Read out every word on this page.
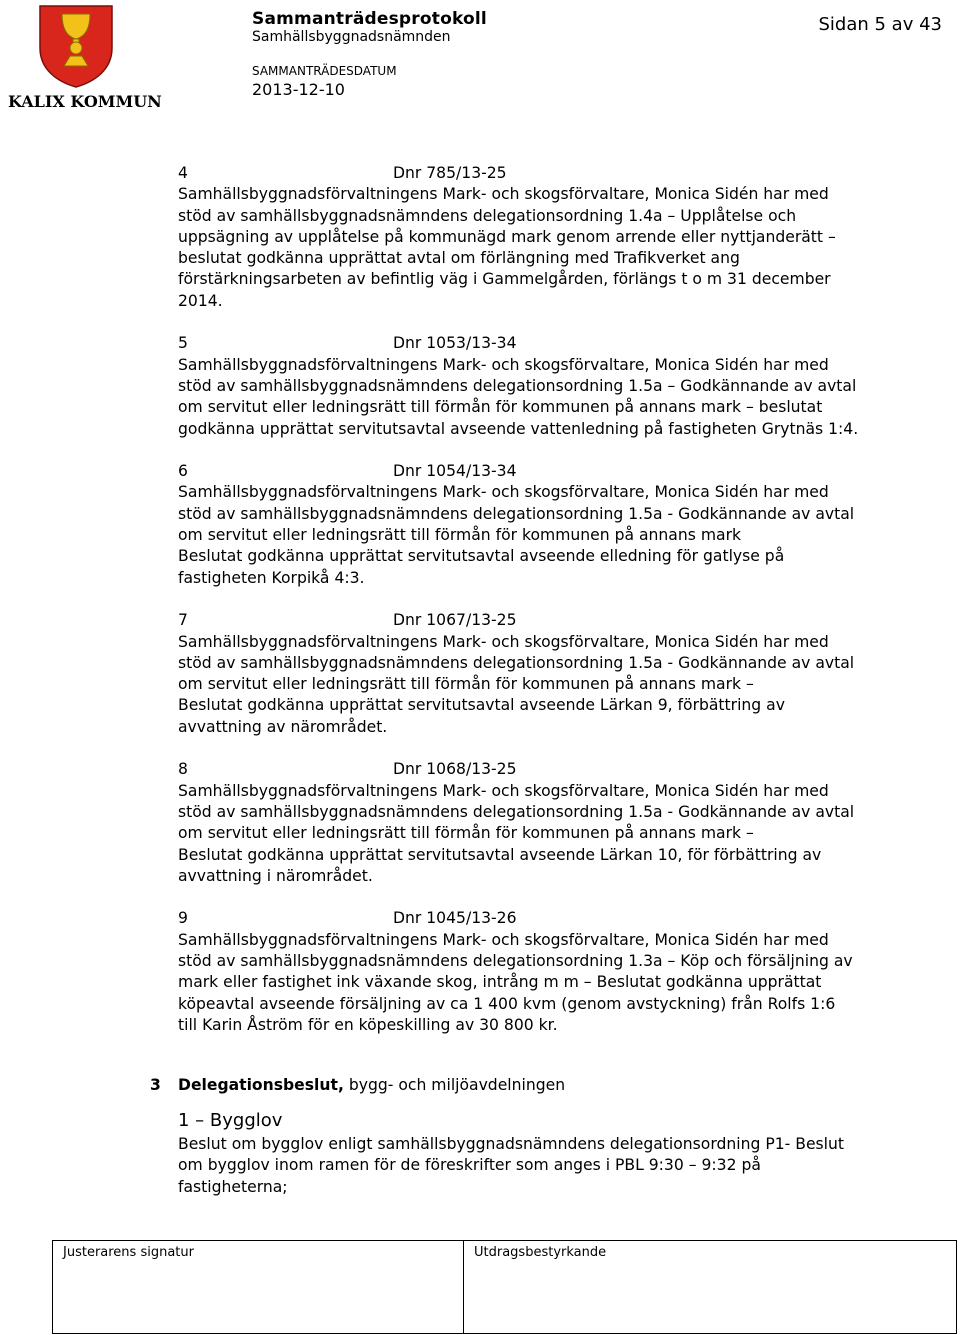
KALIX KOMMUN
Sammanträdesprotokoll
Samhällsbyggnadsnämnden
SAMMANTRÄDESDATUM
2013-12-10
Sidan 5 av 43
4	Dnr 785/13-25
Samhällsbyggnadsförvaltningens Mark- och skogsförvaltare, Monica Sidén har med
stöd av samhällsbyggnadsnämndens delegationsordning 1.4a – Upplåtelse och
uppsägning av upplåtelse på kommunägd mark genom arrende eller nyttjanderätt –
beslutat godkänna upprättat avtal om förlängning med Trafikverket ang
förstärkningsarbeten av befintlig väg i Gammelgården, förlängs t o m 31 december
2014.
5	Dnr 1053/13-34
Samhällsbyggnadsförvaltningens Mark- och skogsförvaltare, Monica Sidén har med
stöd av samhällsbyggnadsnämndens delegationsordning 1.5a – Godkännande av avtal
om servitut eller ledningsrätt till förmån för kommunen på annans mark – beslutat
godkänna upprättat servitutsavtal avseende vattenledning på fastigheten Grytnäs 1:4.
6	Dnr 1054/13-34
Samhällsbyggnadsförvaltningens Mark- och skogsförvaltare, Monica Sidén har med
stöd av samhällsbyggnadsnämndens delegationsordning 1.5a - Godkännande av avtal
om servitut eller ledningsrätt till förmån för kommunen på annans mark
Beslutat godkänna upprättat servitutsavtal avseende elledning för gatlyse på
fastigheten Korpikå 4:3.
7	Dnr 1067/13-25
Samhällsbyggnadsförvaltningens Mark- och skogsförvaltare, Monica Sidén har med
stöd av samhällsbyggnadsnämndens delegationsordning 1.5a - Godkännande av avtal
om servitut eller ledningsrätt till förmån för kommunen på annans mark –
Beslutat godkänna upprättat servitutsavtal avseende Lärkan 9, förbättring av
avvattning av närområdet.
8	Dnr 1068/13-25
Samhällsbyggnadsförvaltningens Mark- och skogsförvaltare, Monica Sidén har med
stöd av samhällsbyggnadsnämndens delegationsordning 1.5a - Godkännande av avtal
om servitut eller ledningsrätt till förmån för kommunen på annans mark –
Beslutat godkänna upprättat servitutsavtal avseende Lärkan 10, för förbättring av
avvattning i närområdet.
9	Dnr 1045/13-26
Samhällsbyggnadsförvaltningens Mark- och skogsförvaltare, Monica Sidén har med
stöd av samhällsbyggnadsnämndens delegationsordning 1.3a – Köp och försäljning av
mark eller fastighet ink växande skog, intrång m m – Beslutat godkänna upprättat
köpeavtal avseende försäljning av ca 1 400 kvm (genom avstyckning) från Rolfs 1:6
till Karin Åström för en köpeskilling av 30 800 kr.
3 Delegationsbeslut, bygg- och miljöavdelningen
1 – Bygglov
Beslut om bygglov enligt samhällsbyggnadsnämndens delegationsordning P1- Beslut
om bygglov inom ramen för de föreskrifter som anges i PBL 9:30 – 9:32 på
fastigheterna;
Justerarens signatur	Utdragsbestyrkande
